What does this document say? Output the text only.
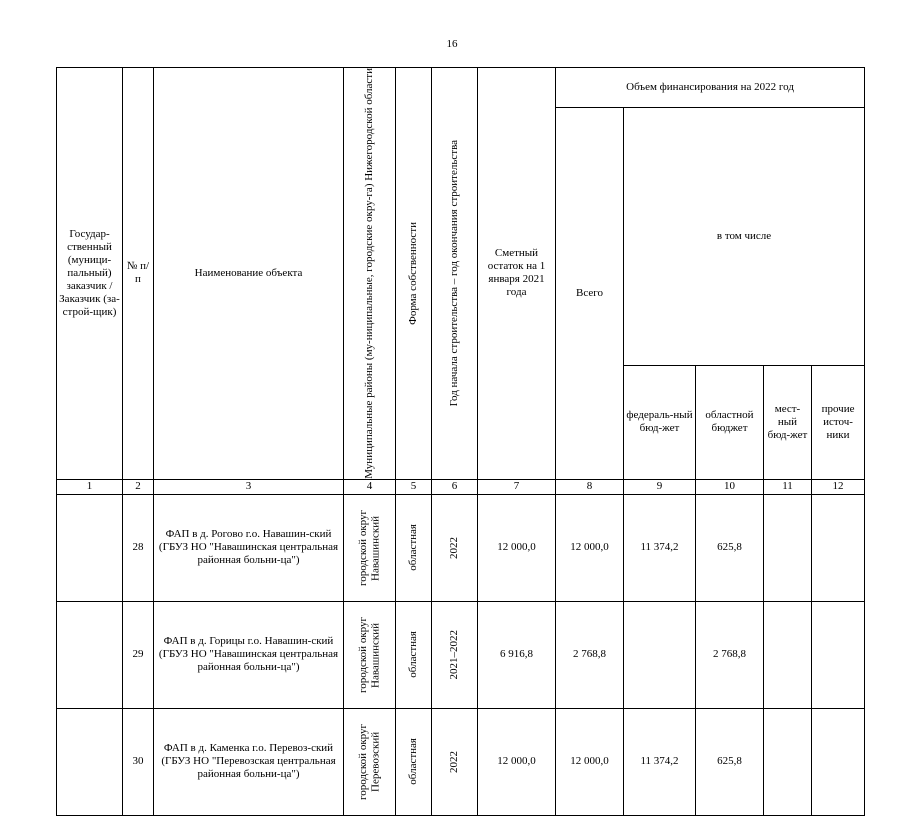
16
Государ-ственный (муници-пальный) заказчик / Заказчик (за-строй-щик)	№ п/п	Наименование объекта	Муниципальные районы (му-ниципальные, городские окру-га) Нижегородской области	Форма собственности	Год начала строительства – год окончания строительства	Сметный остаток на 1 января 2021 года	Объем финансирования на 2022 год				
							Всего	в том числе			
								федераль-ный бюд-жет	областной бюджет	мест-ный бюд-жет	прочие источ-ники
1	2	3	4	5	6	7	8	9	10	11	12
	28	ФАП в д. Рогово г.о. Навашин-ский (ГБУЗ НО "Навашинская центральная районная больни-ца")	городской округ Навашинский	областная	2022	12 000,0	12 000,0	11 374,2	625,8		
	29	ФАП в д. Горицы г.о. Навашин-ский (ГБУЗ НО "Навашинская центральная районная больни-ца")	городской округ Навашинский	областная	2021–2022	6 916,8	2 768,8		2 768,8		
	30	ФАП в д. Каменка г.о. Перевоз-ский (ГБУЗ НО "Перевозская центральная районная больни-ца")	городской округ Перевозский	областная	2022	12 000,0	12 000,0	11 374,2	625,8		
